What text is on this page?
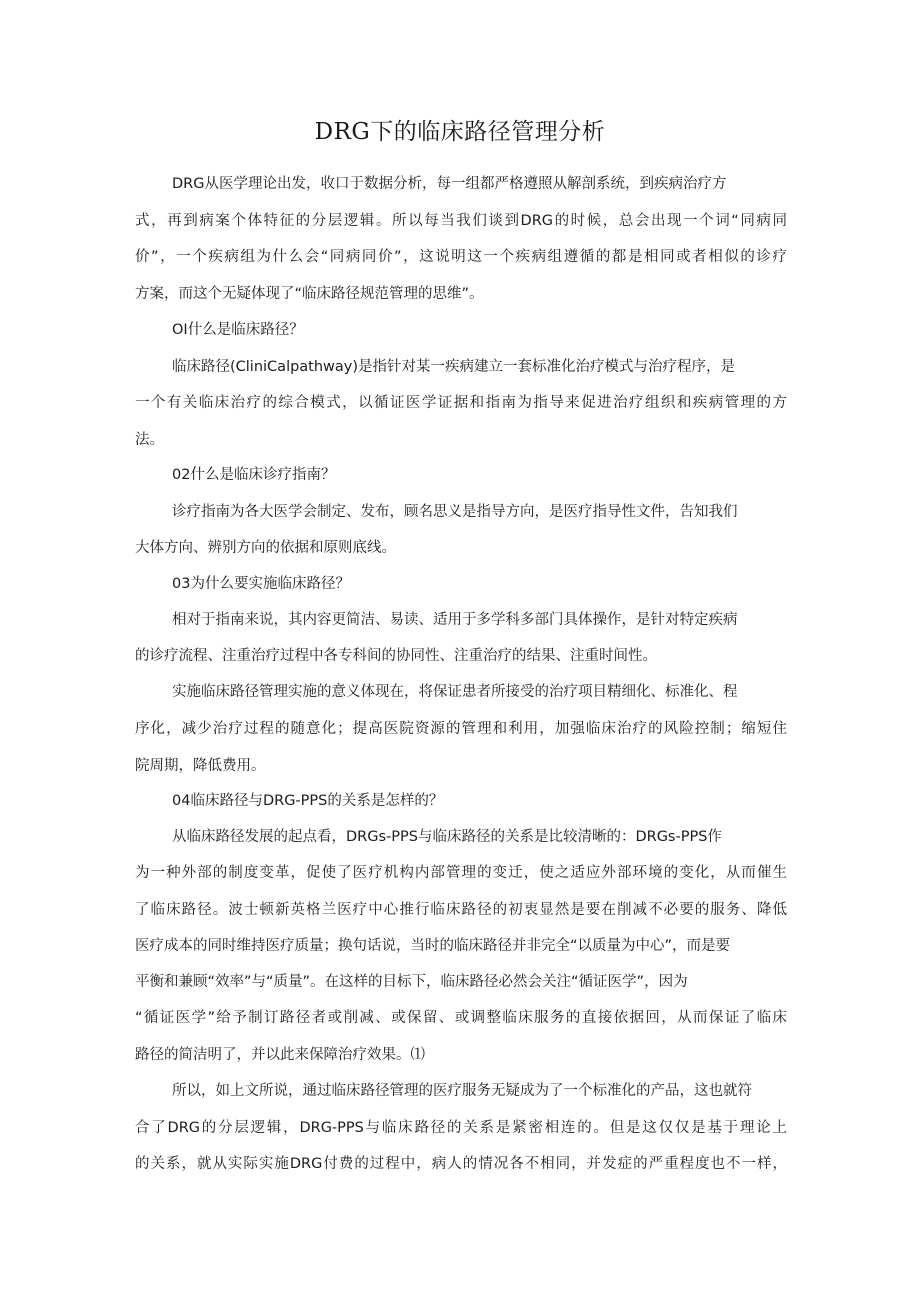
DRG下的临床路径管理分析

DRG从医学理论出发，收口于数据分析，每一组都严格遵照从解剖系统，到疾病治疗方

式，再到病案个体特征的分层逻辑。所以每当我们谈到DRG的时候，总会出现一个词“同病同

价”，一个疾病组为什么会“同病同价”，这说明这一个疾病组遵循的都是相同或者相似的诊疗

方案，而这个无疑体现了“临床路径规范管理的思维”。

OI什么是临床路径？

临床路径(CliniCalpathway)是指针对某一疾病建立一套标准化治疗模式与治疗程序，是

一个有关临床治疗的综合模式，以循证医学证据和指南为指导来促进治疗组织和疾病管理的方

法。

02什么是临床诊疗指南？

诊疗指南为各大医学会制定、发布，顾名思义是指导方向，是医疗指导性文件，告知我们

大体方向、辨别方向的依据和原则底线。

03为什么要实施临床路径？

相对于指南来说，其内容更简洁、易读、适用于多学科多部门具体操作，是针对特定疾病

的诊疗流程、注重治疗过程中各专科间的协同性、注重治疗的结果、注重时间性。

实施临床路径管理实施的意义体现在，将保证患者所接受的治疗项目精细化、标准化、程

序化，减少治疗过程的随意化；提高医院资源的管理和利用，加强临床治疗的风险控制；缩短住

院周期，降低费用。

04临床路径与DRG-PPS的关系是怎样的？

从临床路径发展的起点看，DRGs-PPS与临床路径的关系是比较清晰的：DRGs-PPS作

为一种外部的制度变革，促使了医疗机构内部管理的变迁，使之适应外部环境的变化，从而催生

了临床路径。波士顿新英格兰医疗中心推行临床路径的初衷显然是要在削减不必要的服务、降低

医疗成本的同时维持医疗质量；换句话说，当时的临床路径并非完全“以质量为中心”，而是要

平衡和兼顾“效率”与“质量”。在这样的目标下，临床路径必然会关注“循证医学”，因为

“循证医学”给予制订路径者或削减、或保留、或调整临床服务的直接依据回，从而保证了临床

路径的简洁明了，并以此来保障治疗效果。⑴

所以，如上文所说，通过临床路径管理的医疗服务无疑成为了一个标准化的产品，这也就符

合了DRG的分层逻辑，DRG-PPS与临床路径的关系是紧密相连的。但是这仅仅是基于理论上

的关系，就从实际实施DRG付费的过程中，病人的情况各不相同，并发症的严重程度也不一样，
